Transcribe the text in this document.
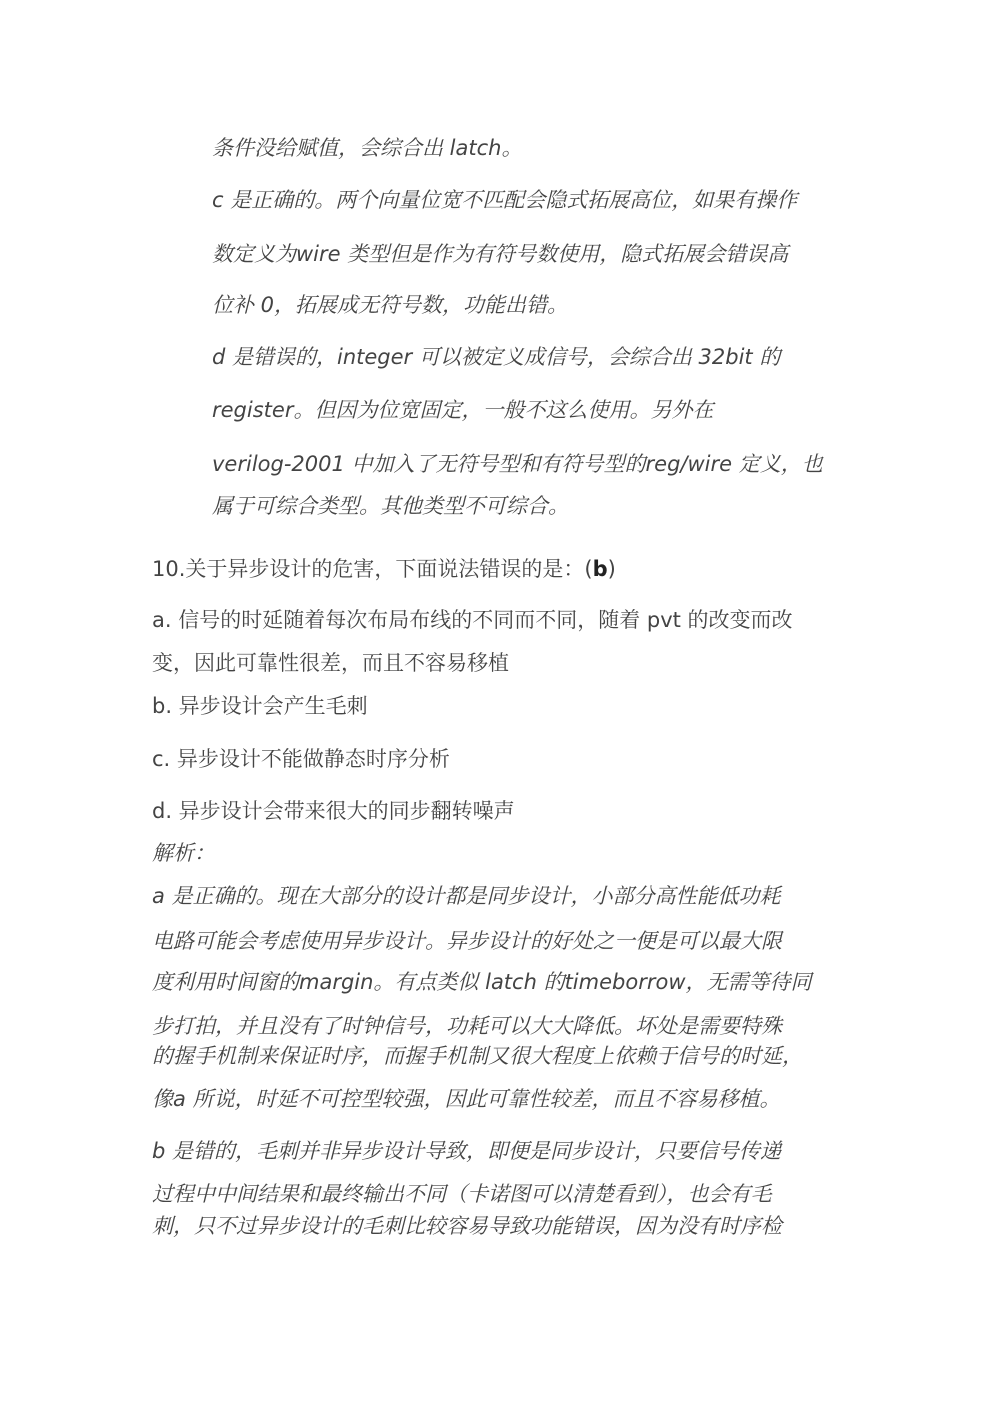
条件没给赋值，会综合出 latch。
c 是正确的。两个向量位宽不匹配会隐式拓展高位，如果有操作
数定义为wire 类型但是作为有符号数使用，隐式拓展会错误高
位补 0，拓展成无符号数，功能出错。
d 是错误的，integer 可以被定义成信号，会综合出 32bit 的
register。但因为位宽固定，一般不这么使用。另外在
verilog-2001 中加入了无符号型和有符号型的reg/wire 定义，也
属于可综合类型。其他类型不可综合。
10.关于异步设计的危害，下面说法错误的是：(b)
a. 信号的时延随着每次布局布线的不同而不同，随着 pvt 的改变而改
变，因此可靠性很差，而且不容易移植
b. 异步设计会产生毛刺
c. 异步设计不能做静态时序分析
d. 异步设计会带来很大的同步翻转噪声
解析：
a 是正确的。现在大部分的设计都是同步设计，小部分高性能低功耗
电路可能会考虑使用异步设计。异步设计的好处之一便是可以最大限
度利用时间窗的margin。有点类似 latch 的timeborrow，无需等待同
步打拍，并且没有了时钟信号，功耗可以大大降低。坏处是需要特殊
的握手机制来保证时序，而握手机制又很大程度上依赖于信号的时延，
像a 所说，时延不可控型较强，因此可靠性较差，而且不容易移植。
b 是错的，毛刺并非异步设计导致，即便是同步设计，只要信号传递
过程中中间结果和最终输出不同（卡诺图可以清楚看到），也会有毛
刺，只不过异步设计的毛刺比较容易导致功能错误，因为没有时序检
